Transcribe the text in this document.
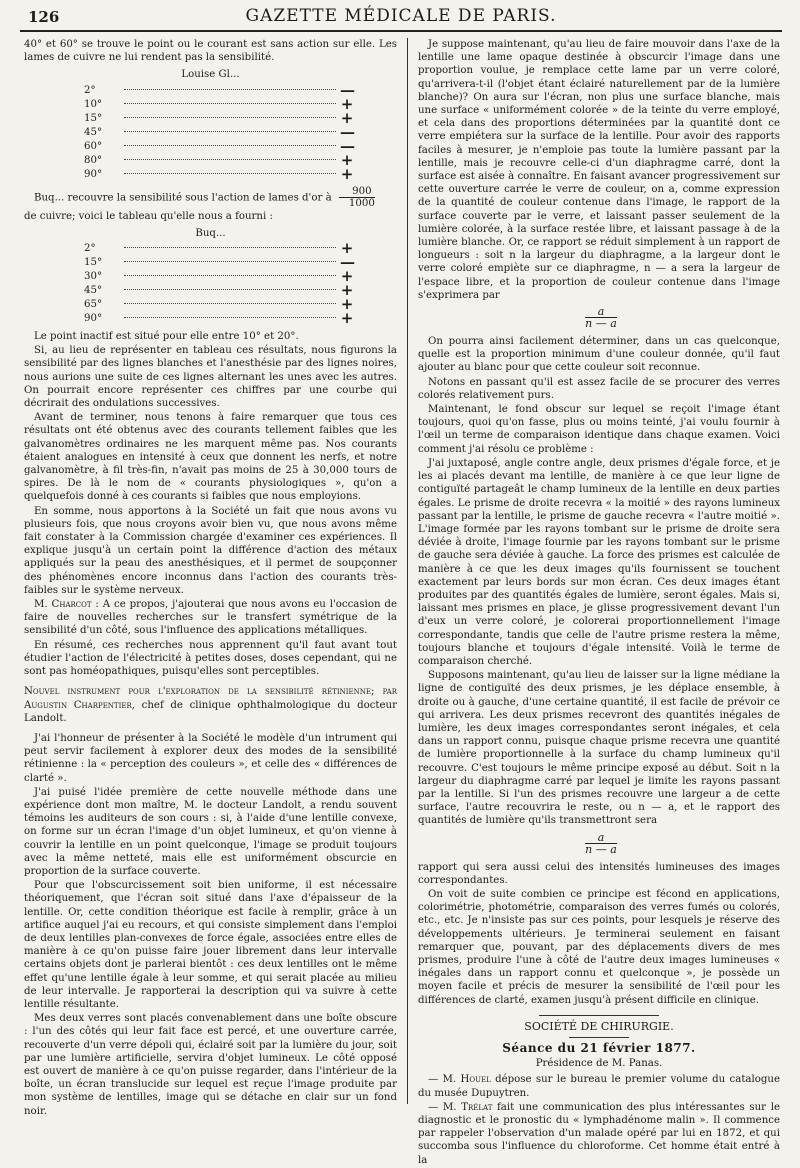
126	GAZETTE MÉDICALE DE PARIS.

40° et 60° se trouve le point ou le courant est sans action sur elle. Les lames de cuivre ne lui rendent pas la sensibilité.

Louise Gl...
2°	—
10°	+
15°	+
45°	—
60°	—
80°	+
90°	+

Buq... recouvre la sensibilité sous l'action de lames d'or à $\frac{900}{1000}$

de cuivre; voici le tableau qu'elle nous a fourni :

Buq...
2°	+
15°	—
30°	+
45°	+
65°	+
90°	+

Le point inactif est situé pour elle entre 10° et 20°.

Si, au lieu de représenter en tableau ces résultats, nous figurons la sensibilité par des lignes blanches et l'anesthésie par des lignes noires, nous aurions une suite de ces lignes alternant les unes avec les autres. On pourrait encore représenter ces chiffres par une courbe qui décrirait des ondulations successives.

Avant de terminer, nous tenons à faire remarquer que tous ces résultats ont été obtenus avec des courants tellement faibles que les galvanomètres ordinaires ne les marquent même pas. Nos courants étaient analogues en intensité à ceux que donnent les nerfs, et notre galvanomètre, à fil très-fin, n'avait pas moins de 25 à 30,000 tours de spires. De là le nom de « courants physiologiques », qu'on a quelquefois donné à ces courants si faibles que nous employions.

En somme, nous apportons à la Société un fait que nous avons vu plusieurs fois, que nous croyons avoir bien vu, que nous avons même fait constater à la Commission chargée d'examiner ces expériences. Il explique jusqu'à un certain point la différence d'action des métaux appliqués sur la peau des anesthésiques, et il permet de soupçonner des phénomènes encore inconnus dans l'action des courants très-faibles sur le système nerveux.

M. Charcot : A ce propos, j'ajouterai que nous avons eu l'occasion de faire de nouvelles recherches sur le transfert symétrique de la sensibilité d'un côté, sous l'influence des applications métalliques.

En résumé, ces recherches nous apprennent qu'il faut avant tout étudier l'action de l'électricité à petites doses, doses cependant, qui ne sont pas homéopathiques, puisqu'elles sont perceptibles.

Nouvel instrument pour l'exploration de la sensibilité rétinienne; par Augustin Charpentier, chef de clinique ophthalmologique du docteur Landolt.

J'ai l'honneur de présenter à la Société le modèle d'un intrument qui peut servir facilement à explorer deux des modes de la sensibilité rétinienne : la « perception des couleurs », et celle des « différences de clarté ».

J'ai puisé l'idée première de cette nouvelle méthode dans une expérience dont mon maître, M. le docteur Landolt, a rendu souvent témoins les auditeurs de son cours : si, à l'aide d'une lentille convexe, on forme sur un écran l'image d'un objet lumineux, et qu'on vienne à couvrir la lentille en un point quelconque, l'image se produit toujours avec la même netteté, mais elle est uniformément obscurcie en proportion de la surface couverte.

Pour que l'obscurcissement soit bien uniforme, il est nécessaire théoriquement, que l'écran soit situé dans l'axe d'épaisseur de la lentille. Or, cette condition théorique est facile à remplir, grâce à un artifice auquel j'ai eu recours, et qui consiste simplement dans l'emploi de deux lentilles plan-convexes de force égale, associées entre elles de manière à ce qu'on puisse faire jouer librement dans leur intervalle certains objets dont je parlerai bientôt : ces deux lentilles ont le même effet qu'une lentille égale à leur somme, et qui serait placée au milieu de leur intervalle. Je rapporterai la description qui va suivre à cette lentille résultante.

Mes deux verres sont placés convenablement dans une boîte obscure : l'un des côtés qui leur fait face est percé, et une ouverture carrée, recouverte d'un verre dépoli qui, éclairé soit par la lumière du jour, soit par une lumière artificielle, servira d'objet lumineux. Le côté opposé est ouvert de manière à ce qu'on puisse regarder, dans l'intérieur de la boîte, un écran translucide sur lequel est reçue l'image produite par mon système de lentilles, image qui se détache en clair sur un fond noir.

Je suppose maintenant, qu'au lieu de faire mouvoir dans l'axe de la lentille une lame opaque destinée à obscurcir l'image dans une proportion voulue, je remplace cette lame par un verre coloré, qu'arrivera-t-il (l'objet étant éclairé naturellement par de la lumière blanche)? On aura sur l'écran, non plus une surface blanche, mais une surface « uniformément colorée » de la teinte du verre employé, et cela dans des proportions déterminées par la quantité dont ce verre empiétera sur la surface de la lentille. Pour avoir des rapports faciles à mesurer, je n'emploie pas toute la lumière passant par la lentille, mais je recouvre celle-ci d'un diaphragme carré, dont la surface est aisée à connaître. En faisant avancer progressivement sur cette ouverture carrée le verre de couleur, on a, comme expression de la quantité de couleur contenue dans l'image, le rapport de la surface couverte par le verre, et laissant passer seulement de la lumière colorée, à la surface restée libre, et laissant passage à de la lumière blanche. Or, ce rapport se réduit simplement à un rapport de longueurs : soit n la largeur du diaphragme, a la largeur dont le verre coloré empiète sur ce diaphragme, n — a sera la largeur de l'espace libre, et la proportion de couleur contenue dans l'image s'exprimera par

$\frac{a}{n — a}$

On pourra ainsi facilement déterminer, dans un cas quelconque, quelle est la proportion minimum d'une couleur donnée, qu'il faut ajouter au blanc pour que cette couleur soit reconnue.

Notons en passant qu'il est assez facile de se procurer des verres colorés relativement purs.

Maintenant, le fond obscur sur lequel se reçoit l'image étant toujours, quoi qu'on fasse, plus ou moins teinté, j'ai voulu fournir à l'œil un terme de comparaison identique dans chaque examen. Voici comment j'ai résolu ce problème :

J'ai juxtaposé, angle contre angle, deux prismes d'égale force, et je les ai placés devant ma lentille, de manière à ce que leur ligne de contiguïté partageât le champ lumineux de la lentille en deux parties égales. Le prisme de droite recevra « la moitié » des rayons lumineux passant par la lentille, le prisme de gauche recevra « l'autre moitié ». L'image formée par les rayons tombant sur le prisme de droite sera déviée à droite, l'image fournie par les rayons tombant sur le prisme de gauche sera déviée à gauche. La force des prismes est calculée de manière à ce que les deux images qu'ils fournissent se touchent exactement par leurs bords sur mon écran. Ces deux images étant produites par des quantités égales de lumière, seront égales. Mais si, laissant mes prismes en place, je glisse progressivement devant l'un d'eux un verre coloré, je colorerai proportionnellement l'image correspondante, tandis que celle de l'autre prisme restera la même, toujours blanche et toujours d'égale intensité. Voilà le terme de comparaison cherché.

Supposons maintenant, qu'au lieu de laisser sur la ligne médiane la ligne de contiguïté des deux prismes, je les déplace ensemble, à droite ou à gauche, d'une certaine quantité, il est facile de prévoir ce qui arrivera. Les deux prismes recevront des quantités inégales de lumière, les deux images correspondantes seront inégales, et cela dans un rapport connu, puisque chaque prisme recevra une quantité de lumière proportionnelle à la surface du champ lumineux qu'il recouvre. C'est toujours le même principe exposé au début. Soit n la largeur du diaphragme carré par lequel je limite les rayons passant par la lentille. Si l'un des prismes recouvre une largeur a de cette surface, l'autre recouvrira le reste, ou n — a, et le rapport des quantités de lumière qu'ils transmettront sera

$\frac{a}{n — a}$

rapport qui sera aussi celui des intensités lumineuses des images correspondantes.

On voit de suite combien ce principe est fécond en applications, colorimétrie, photométrie, comparaison des verres fumés ou colorés, etc., etc. Je n'insiste pas sur ces points, pour lesquels je réserve des développements ultérieurs. Je terminerai seulement en faisant remarquer que, pouvant, par des déplacements divers de mes prismes, produire l'une à côté de l'autre deux images lumineuses « inégales dans un rapport connu et quelconque », je possède un moyen facile et précis de mesurer la sensibilité de l'œil pour les différences de clarté, examen jusqu'à présent difficile en clinique.

SOCIÉTÉ DE CHIRURGIE.
Séance du 21 février 1877.
Présidence de M. Panas.

— M. Houel dépose sur le bureau le premier volume du catalogue du musée Dupuytren.

— M. Trélat fait une communication des plus intéressantes sur le diagnostic et le pronostic du « lymphadénome malin ». Il commence par rappeler l'observation d'un malade opéré par lui en 1872, et qui succomba sous l'influence du chloroforme. Cet homme était entré à la
